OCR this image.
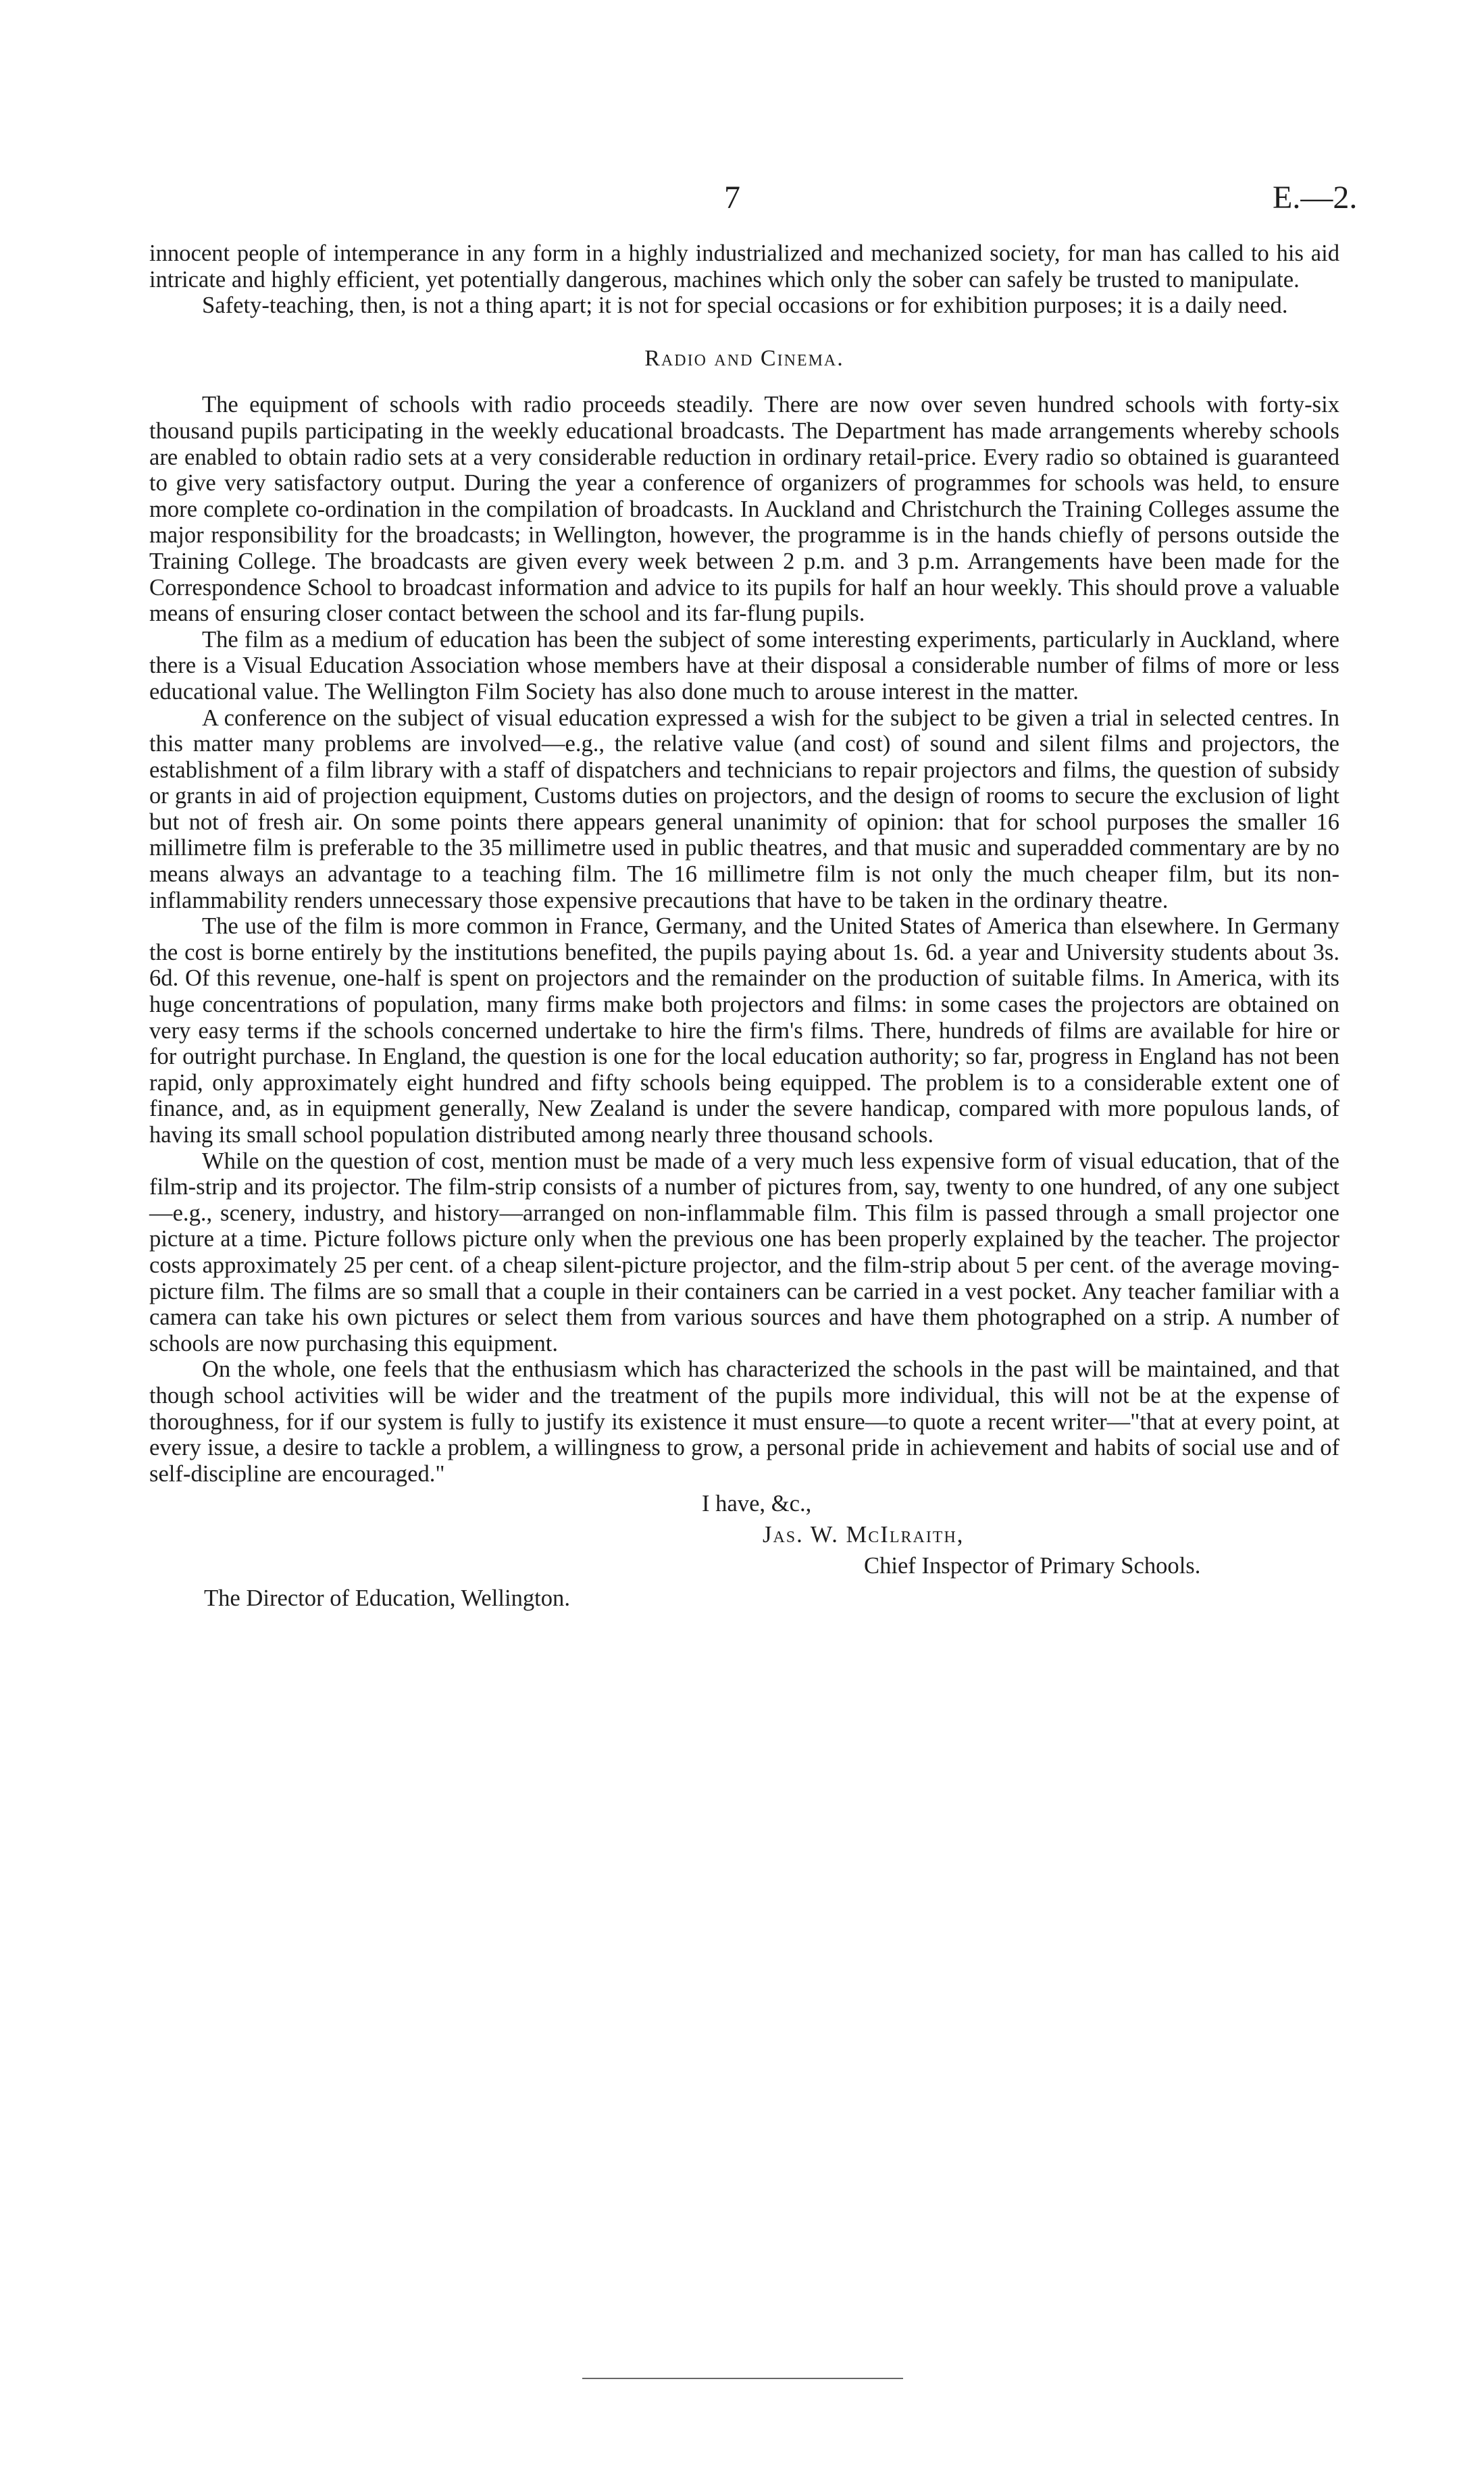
7	E.—2.

innocent people of intemperance in any form in a highly industrialized and mechanized society, for man has called to his aid intricate and highly efficient, yet potentially dangerous, machines which only the sober can safely be trusted to manipulate.

Safety-teaching, then, is not a thing apart; it is not for special occasions or for exhibition purposes; it is a daily need.

Radio and Cinema.

The equipment of schools with radio proceeds steadily. There are now over seven hundred schools with forty-six thousand pupils participating in the weekly educational broadcasts. The Department has made arrangements whereby schools are enabled to obtain radio sets at a very considerable reduction in ordinary retail-price. Every radio so obtained is guaranteed to give very satisfactory output. During the year a conference of organizers of programmes for schools was held, to ensure more complete co-ordination in the compilation of broadcasts. In Auckland and Christchurch the Training Colleges assume the major responsibility for the broadcasts; in Wellington, however, the programme is in the hands chiefly of persons outside the Training College. The broadcasts are given every week between 2 p.m. and 3 p.m. Arrangements have been made for the Correspondence School to broadcast information and advice to its pupils for half an hour weekly. This should prove a valuable means of ensuring closer contact between the school and its far-flung pupils.

The film as a medium of education has been the subject of some interesting experiments, particularly in Auckland, where there is a Visual Education Association whose members have at their disposal a considerable number of films of more or less educational value. The Wellington Film Society has also done much to arouse interest in the matter.

A conference on the subject of visual education expressed a wish for the subject to be given a trial in selected centres. In this matter many problems are involved—e.g., the relative value (and cost) of sound and silent films and projectors, the establishment of a film library with a staff of dispatchers and technicians to repair projectors and films, the question of subsidy or grants in aid of projection equipment, Customs duties on projectors, and the design of rooms to secure the exclusion of light but not of fresh air. On some points there appears general unanimity of opinion: that for school purposes the smaller 16 millimetre film is preferable to the 35 millimetre used in public theatres, and that music and superadded commentary are by no means always an advantage to a teaching film. The 16 millimetre film is not only the much cheaper film, but its non-inflammability renders unnecessary those expensive precautions that have to be taken in the ordinary theatre.

The use of the film is more common in France, Germany, and the United States of America than elsewhere. In Germany the cost is borne entirely by the institutions benefited, the pupils paying about 1s. 6d. a year and University students about 3s. 6d. Of this revenue, one-half is spent on projectors and the remainder on the production of suitable films. In America, with its huge concentrations of population, many firms make both projectors and films: in some cases the projectors are obtained on very easy terms if the schools concerned undertake to hire the firm's films. There, hundreds of films are available for hire or for outright purchase. In England, the question is one for the local education authority; so far, progress in England has not been rapid, only approximately eight hundred and fifty schools being equipped. The problem is to a considerable extent one of finance, and, as in equipment generally, New Zealand is under the severe handicap, compared with more populous lands, of having its small school population distributed among nearly three thousand schools.

While on the question of cost, mention must be made of a very much less expensive form of visual education, that of the film-strip and its projector. The film-strip consists of a number of pictures from, say, twenty to one hundred, of any one subject—e.g., scenery, industry, and history—arranged on non-inflammable film. This film is passed through a small projector one picture at a time. Picture follows picture only when the previous one has been properly explained by the teacher. The projector costs approximately 25 per cent. of a cheap silent-picture projector, and the film-strip about 5 per cent. of the average moving-picture film. The films are so small that a couple in their containers can be carried in a vest pocket. Any teacher familiar with a camera can take his own pictures or select them from various sources and have them photographed on a strip. A number of schools are now purchasing this equipment.

On the whole, one feels that the enthusiasm which has characterized the schools in the past will be maintained, and that though school activities will be wider and the treatment of the pupils more individual, this will not be at the expense of thoroughness, for if our system is fully to justify its existence it must ensure—to quote a recent writer—"that at every point, at every issue, a desire to tackle a problem, a willingness to grow, a personal pride in achievement and habits of social use and of self-discipline are encouraged."

I have, &c.,
Jas. W. McIlraith,
Chief Inspector of Primary Schools.
The Director of Education, Wellington.
